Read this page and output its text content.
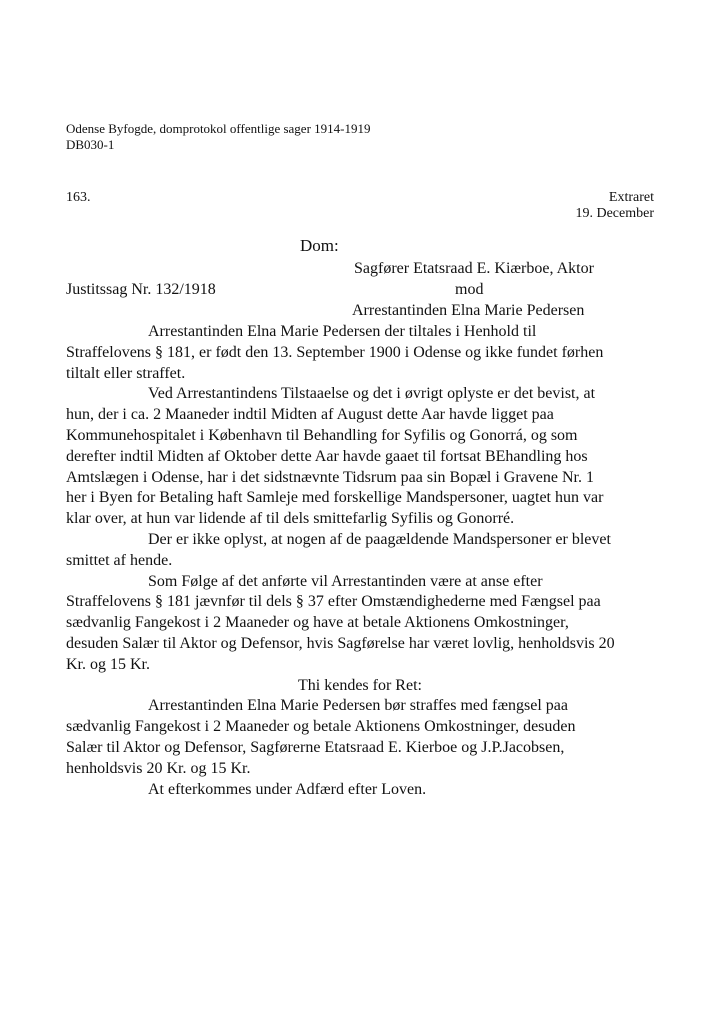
Odense Byfogde, domprotokol offentlige sager 1914-1919
DB030-1
163.	Extraret
19. December
Dom:
Sagfører Etatsraad E. Kiærboe, Aktor
Justitssag Nr. 132/1918	mod
Arrestantinden Elna Marie Pedersen
Arrestantinden Elna Marie Pedersen der tiltales i Henhold til
Straffelovens § 181, er født den 13. September 1900 i Odense og ikke fundet førhen
tiltalt eller straffet.
Ved Arrestantindens Tilstaaelse og det i øvrigt oplyste er det bevist, at
hun, der i ca. 2 Maaneder indtil Midten af August dette Aar havde ligget paa
Kommunehospitalet i København til Behandling for Syfilis og Gonorrá, og som
derefter indtil Midten af Oktober dette Aar havde gaaet til fortsat BEhandling hos
Amtslægen i Odense, har i det sidstnævnte Tidsrum paa sin Bopæl i Gravene Nr. 1
her i Byen for Betaling haft Samleje med forskellige Mandspersoner, uagtet hun var
klar over, at hun var lidende af til dels smittefarlig Syfilis og Gonorré.
Der er ikke oplyst, at nogen af de paagældende Mandspersoner er blevet
smittet af hende.
Som Følge af det anførte vil Arrestantinden være at anse efter
Straffelovens § 181 jævnfør til dels § 37 efter Omstændighederne med Fængsel paa
sædvanlig Fangekost i 2 Maaneder og have at betale Aktionens Omkostninger,
desuden Salær til Aktor og Defensor, hvis Sagførelse har været lovlig, henholdsvis 20
Kr. og 15 Kr.
Thi kendes for Ret:
Arrestantinden Elna Marie Pedersen bør straffes med fængsel paa
sædvanlig Fangekost i 2 Maaneder og betale Aktionens Omkostninger, desuden
Salær til Aktor og Defensor, Sagførerne Etatsraad E. Kierboe og J.P.Jacobsen,
henholdsvis 20 Kr. og 15 Kr.
At efterkommes under Adfærd efter Loven.
